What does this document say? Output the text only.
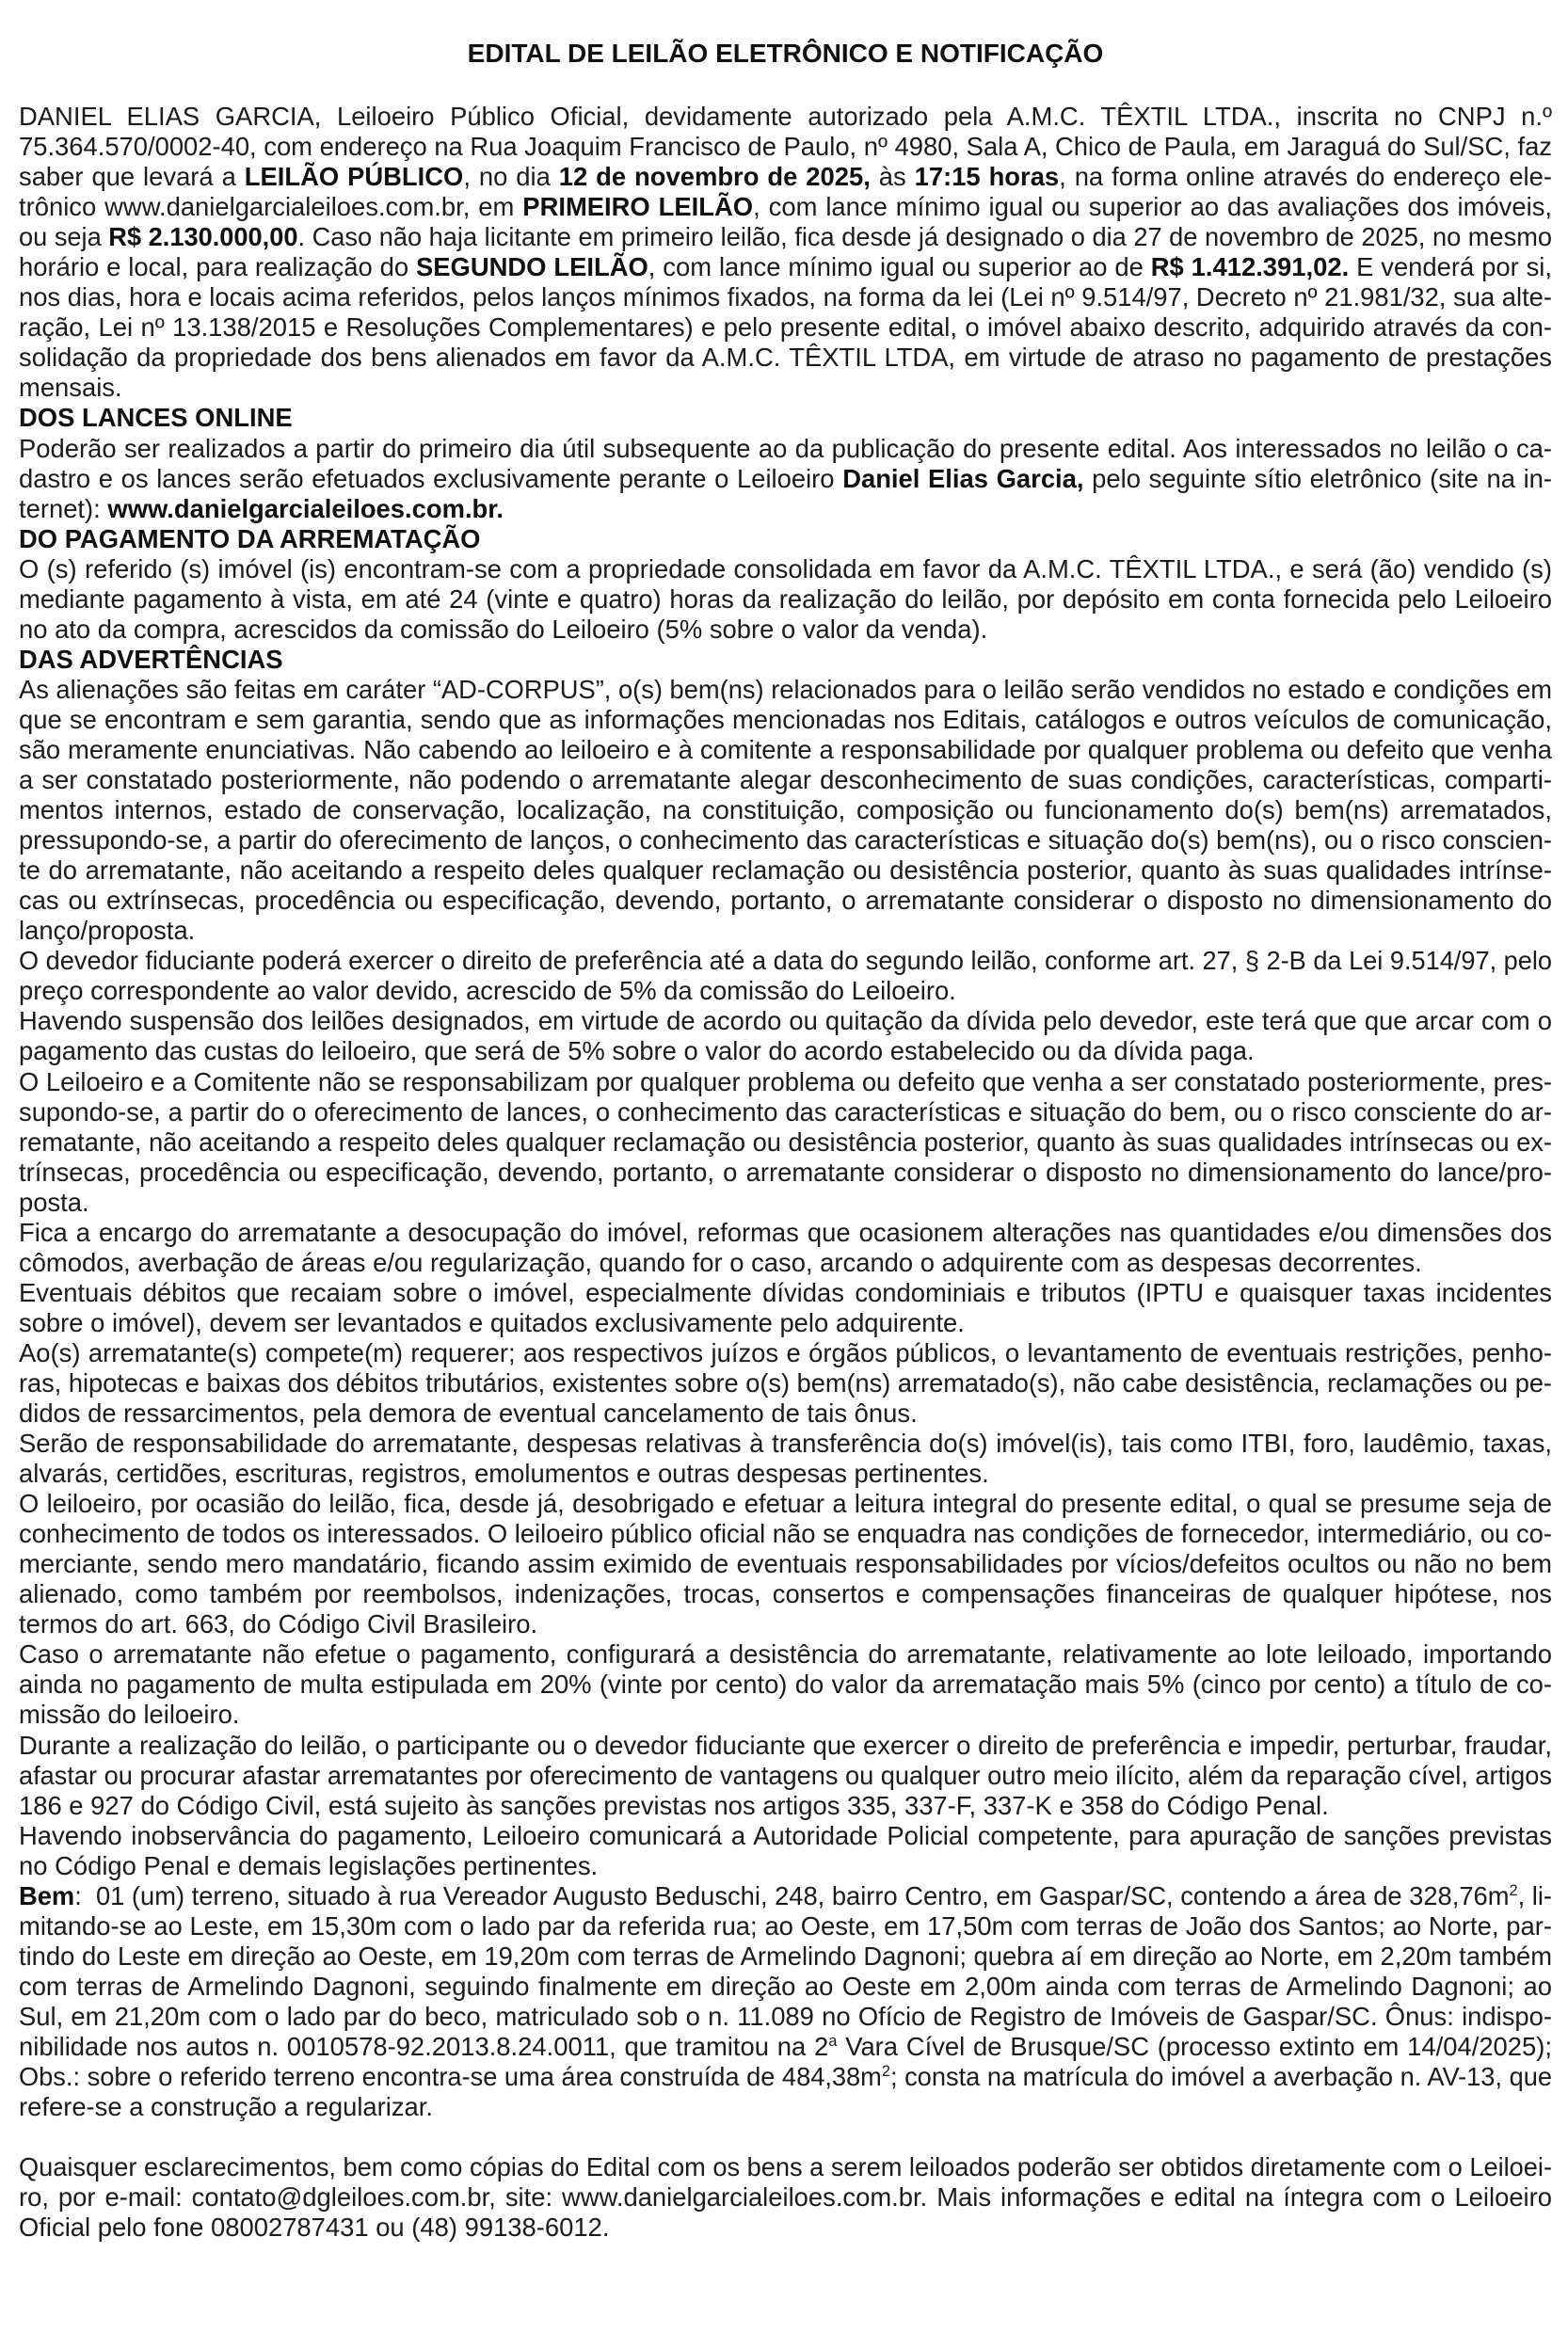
EDITAL DE LEILÃO ELETRÔNICO E NOTIFICAÇÃO
DANIEL ELIAS GARCIA, Leiloeiro Público Oficial, devidamente autorizado pela A.M.C. TÊXTIL LTDA., inscrita no CNPJ n.º
75.364.570/0002-40, com endereço na Rua Joaquim Francisco de Paulo, nº 4980, Sala A, Chico de Paula, em Jaraguá do Sul/SC, faz
saber que levará a LEILÃO PÚBLICO, no dia 12 de novembro de 2025, às 17:15 horas, na forma online através do endereço ele-
trônico www.danielgarcialeiloes.com.br, em PRIMEIRO LEILÃO, com lance mínimo igual ou superior ao das avaliações dos imóveis,
ou seja R$ 2.130.000,00. Caso não haja licitante em primeiro leilão, fica desde já designado o dia 27 de novembro de 2025, no mesmo
horário e local, para realização do SEGUNDO LEILÃO, com lance mínimo igual ou superior ao de R$ 1.412.391,02. E venderá por si,
nos dias, hora e locais acima referidos, pelos lanços mínimos fixados, na forma da lei (Lei nº 9.514/97, Decreto nº 21.981/32, sua alte-
ração, Lei nº 13.138/2015 e Resoluções Complementares) e pelo presente edital, o imóvel abaixo descrito, adquirido através da con-
solidação da propriedade dos bens alienados em favor da A.M.C. TÊXTIL LTDA, em virtude de atraso no pagamento de prestações
mensais.
DOS LANCES ONLINE
Poderão ser realizados a partir do primeiro dia útil subsequente ao da publicação do presente edital. Aos interessados no leilão o ca-
dastro e os lances serão efetuados exclusivamente perante o Leiloeiro Daniel Elias Garcia, pelo seguinte sítio eletrônico (site na in-
ternet): www.danielgarcialeiloes.com.br.
DO PAGAMENTO DA ARREMATAÇÃO
O (s) referido (s) imóvel (is) encontram-se com a propriedade consolidada em favor da A.M.C. TÊXTIL LTDA., e será (ão) vendido (s)
mediante pagamento à vista, em até 24 (vinte e quatro) horas da realização do leilão, por depósito em conta fornecida pelo Leiloeiro
no ato da compra, acrescidos da comissão do Leiloeiro (5% sobre o valor da venda).
DAS ADVERTÊNCIAS
As alienações são feitas em caráter “AD-CORPUS”, o(s) bem(ns) relacionados para o leilão serão vendidos no estado e condições em
que se encontram e sem garantia, sendo que as informações mencionadas nos Editais, catálogos e outros veículos de comunicação,
são meramente enunciativas. Não cabendo ao leiloeiro e à comitente a responsabilidade por qualquer problema ou defeito que venha
a ser constatado posteriormente, não podendo o arrematante alegar desconhecimento de suas condições, características, comparti-
mentos internos, estado de conservação, localização, na constituição, composição ou funcionamento do(s) bem(ns) arrematados,
pressupondo-se, a partir do oferecimento de lanços, o conhecimento das características e situação do(s) bem(ns), ou o risco conscien-
te do arrematante, não aceitando a respeito deles qualquer reclamação ou desistência posterior, quanto às suas qualidades intrínse-
cas ou extrínsecas, procedência ou especificação, devendo, portanto, o arrematante considerar o disposto no dimensionamento do
lanço/proposta.
O devedor fiduciante poderá exercer o direito de preferência até a data do segundo leilão, conforme art. 27, § 2-B da Lei 9.514/97, pelo
preço correspondente ao valor devido, acrescido de 5% da comissão do Leiloeiro.
Havendo suspensão dos leilões designados, em virtude de acordo ou quitação da dívida pelo devedor, este terá que que arcar com o
pagamento das custas do leiloeiro, que será de 5% sobre o valor do acordo estabelecido ou da dívida paga.
O Leiloeiro e a Comitente não se responsabilizam por qualquer problema ou defeito que venha a ser constatado posteriormente, pres-
supondo-se, a partir do o oferecimento de lances, o conhecimento das características e situação do bem, ou o risco consciente do ar-
rematante, não aceitando a respeito deles qualquer reclamação ou desistência posterior, quanto às suas qualidades intrínsecas ou ex-
trínsecas, procedência ou especificação, devendo, portanto, o arrematante considerar o disposto no dimensionamento do lance/pro-
posta.
Fica a encargo do arrematante a desocupação do imóvel, reformas que ocasionem alterações nas quantidades e/ou dimensões dos
cômodos, averbação de áreas e/ou regularização, quando for o caso, arcando o adquirente com as despesas decorrentes.
Eventuais débitos que recaiam sobre o imóvel, especialmente dívidas condominiais e tributos (IPTU e quaisquer taxas incidentes
sobre o imóvel), devem ser levantados e quitados exclusivamente pelo adquirente.
Ao(s) arrematante(s) compete(m) requerer; aos respectivos juízos e órgãos públicos, o levantamento de eventuais restrições, penho-
ras, hipotecas e baixas dos débitos tributários, existentes sobre o(s) bem(ns) arrematado(s), não cabe desistência, reclamações ou pe-
didos de ressarcimentos, pela demora de eventual cancelamento de tais ônus.
Serão de responsabilidade do arrematante, despesas relativas à transferência do(s) imóvel(is), tais como ITBI, foro, laudêmio, taxas,
alvarás, certidões, escrituras, registros, emolumentos e outras despesas pertinentes.
O leiloeiro, por ocasião do leilão, fica, desde já, desobrigado e efetuar a leitura integral do presente edital, o qual se presume seja de
conhecimento de todos os interessados. O leiloeiro público oficial não se enquadra nas condições de fornecedor, intermediário, ou co-
merciante, sendo mero mandatário, ficando assim eximido de eventuais responsabilidades por vícios/defeitos ocultos ou não no bem
alienado, como também por reembolsos, indenizações, trocas, consertos e compensações financeiras de qualquer hipótese, nos
termos do art. 663, do Código Civil Brasileiro.
Caso o arrematante não efetue o pagamento, configurará a desistência do arrematante, relativamente ao lote leiloado, importando
ainda no pagamento de multa estipulada em 20% (vinte por cento) do valor da arrematação mais 5% (cinco por cento) a título de co-
missão do leiloeiro.
Durante a realização do leilão, o participante ou o devedor fiduciante que exercer o direito de preferência e impedir, perturbar, fraudar,
afastar ou procurar afastar arrematantes por oferecimento de vantagens ou qualquer outro meio ilícito, além da reparação cível, artigos
186 e 927 do Código Civil, está sujeito às sanções previstas nos artigos 335, 337-F, 337-K e 358 do Código Penal.
Havendo inobservância do pagamento, Leiloeiro comunicará a Autoridade Policial competente, para apuração de sanções previstas
no Código Penal e demais legislações pertinentes.
Bem:  01 (um) terreno, situado à rua Vereador Augusto Beduschi, 248, bairro Centro, em Gaspar/SC, contendo a área de $328,76m^2$, li-
mitando-se ao Leste, em 15,30m com o lado par da referida rua; ao Oeste, em 17,50m com terras de João dos Santos; ao Norte, par-
tindo do Leste em direção ao Oeste, em 19,20m com terras de Armelindo Dagnoni; quebra aí em direção ao Norte, em 2,20m também
com terras de Armelindo Dagnoni, seguindo finalmente em direção ao Oeste em 2,00m ainda com terras de Armelindo Dagnoni; ao
Sul, em 21,20m com o lado par do beco, matriculado sob o n. 11.089 no Ofício de Registro de Imóveis de Gaspar/SC. Ônus: indispo-
nibilidade nos autos n. 0010578-92.2013.8.24.0011, que tramitou na 2$^a$ Vara Cível de Brusque/SC (processo extinto em 14/04/2025);
Obs.: sobre o referido terreno encontra-se uma área construída de $484,38m^2$; consta na matrícula do imóvel a averbação n. AV-13, que
refere-se a construção a regularizar.
Quaisquer esclarecimentos, bem como cópias do Edital com os bens a serem leiloados poderão ser obtidos diretamente com o Leiloei-
ro, por e-mail: contato@dgleiloes.com.br, site: www.danielgarcialeiloes.com.br. Mais informações e edital na íntegra com o Leiloeiro
Oficial pelo fone 08002787431 ou (48) 99138-6012.
